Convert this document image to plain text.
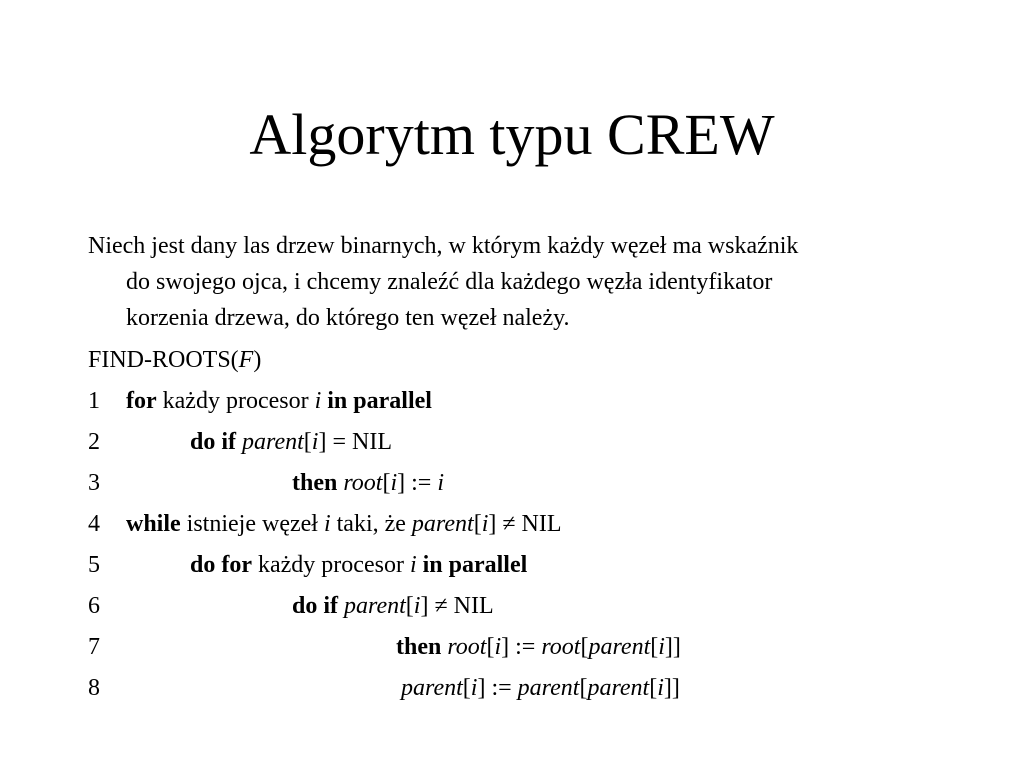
Algorytm typu CREW
Niech jest dany las drzew binarnych, w którym każdy węzeł ma wskaźnik
do swojego ojca, i chcemy znaleźć dla każdego węzła identyfikator
korzenia drzewa, do którego ten węzeł należy.
FIND-ROOTS(F)
1 for każdy procesor i in parallel
2	do if parent[i] = NIL
3	then root[i] := i
4 while istnieje węzeł i taki, że parent[i] ≠ NIL
5	do for każdy procesor i in parallel
6	do if parent[i] ≠ NIL
7	then root[i] := root[parent[i]]
8	parent[i] := parent[parent[i]]
